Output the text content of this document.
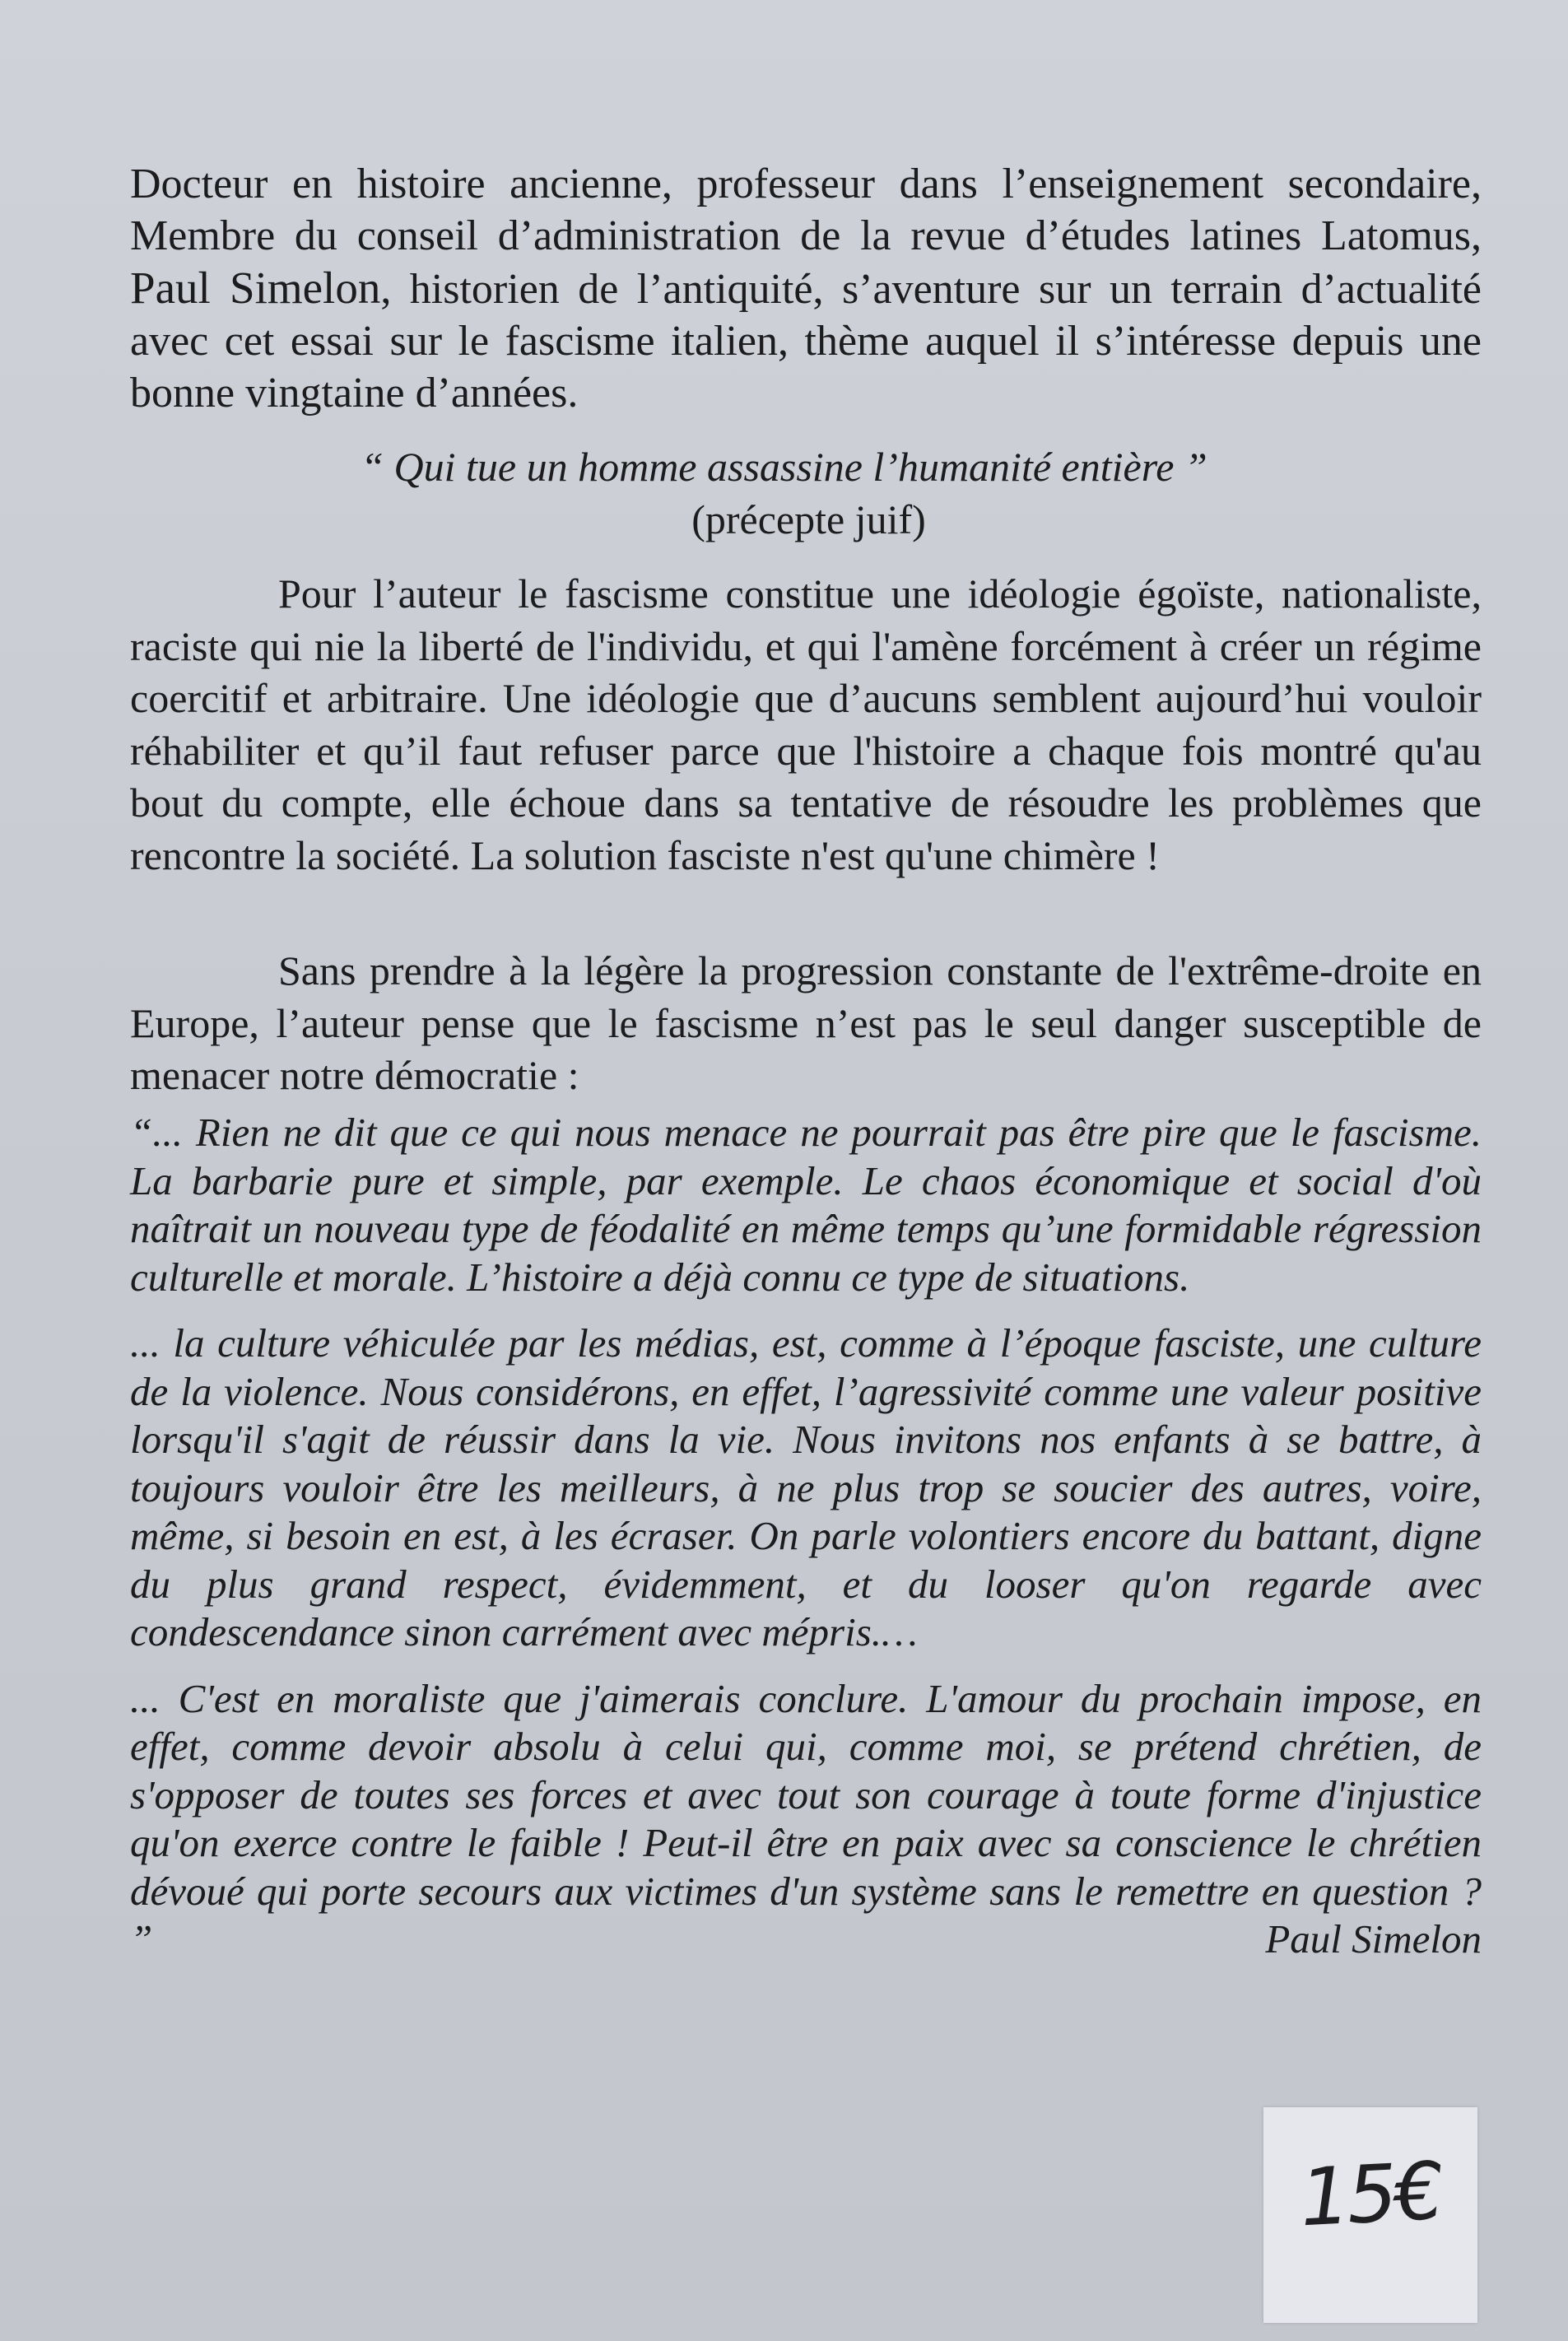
Docteur en histoire ancienne, professeur dans l’enseignement secondaire, Membre du conseil d’administration de la revue d’études latines Latomus, Paul Simelon, historien de l’antiquité, s’aventure sur un terrain d’actualité avec cet essai sur le fascisme italien, thème auquel il s’intéresse depuis une bonne vingtaine d’années.

“ Qui tue un homme assassine l’humanité entière ”
(précepte juif)

Pour l’auteur le fascisme constitue une idéologie égoïste, nationaliste, raciste qui nie la liberté de l'individu, et qui l'amène forcément à créer un régime coercitif et arbitraire. Une idéologie que d’aucuns semblent aujourd’hui vouloir réhabiliter et qu’il faut refuser parce que l'histoire a chaque fois montré qu'au bout du compte, elle échoue dans sa tentative de résoudre les problèmes que rencontre la société. La solution fasciste n'est qu'une chimère !

Sans prendre à la légère la progression constante de l'extrême-droite en Europe, l’auteur pense que le fascisme n’est pas le seul danger susceptible de menacer notre démocratie :

“... Rien ne dit que ce qui nous menace ne pourrait pas être pire que le fascisme. La barbarie pure et simple, par exemple. Le chaos économique et social d'où naîtrait un nouveau type de féodalité en même temps qu’une formidable régression culturelle et morale. L’histoire a déjà connu ce type de situations.

... la culture véhiculée par les médias, est, comme à l’époque fasciste, une culture de la violence. Nous considérons, en effet, l’agressivité comme une valeur positive lorsqu'il s'agit de réussir dans la vie. Nous invitons nos enfants à se battre, à toujours vouloir être les meilleurs, à ne plus trop se soucier des autres, voire, même, si besoin en est, à les écraser. On parle volontiers encore du battant, digne du plus grand respect, évidemment, et du looser qu'on regarde avec condescendance sinon carrément avec mépris.…

... C'est en moraliste que j'aimerais conclure. L'amour du prochain impose, en effet, comme devoir absolu à celui qui, comme moi, se prétend chrétien, de s'opposer de toutes ses forces et avec tout son courage à toute forme d'injustice qu'on exerce contre le faible ! Peut-il être en paix avec sa conscience le chrétien dévoué qui porte secours aux victimes d'un système sans le remettre en question ? ”	Paul Simelon

15€
